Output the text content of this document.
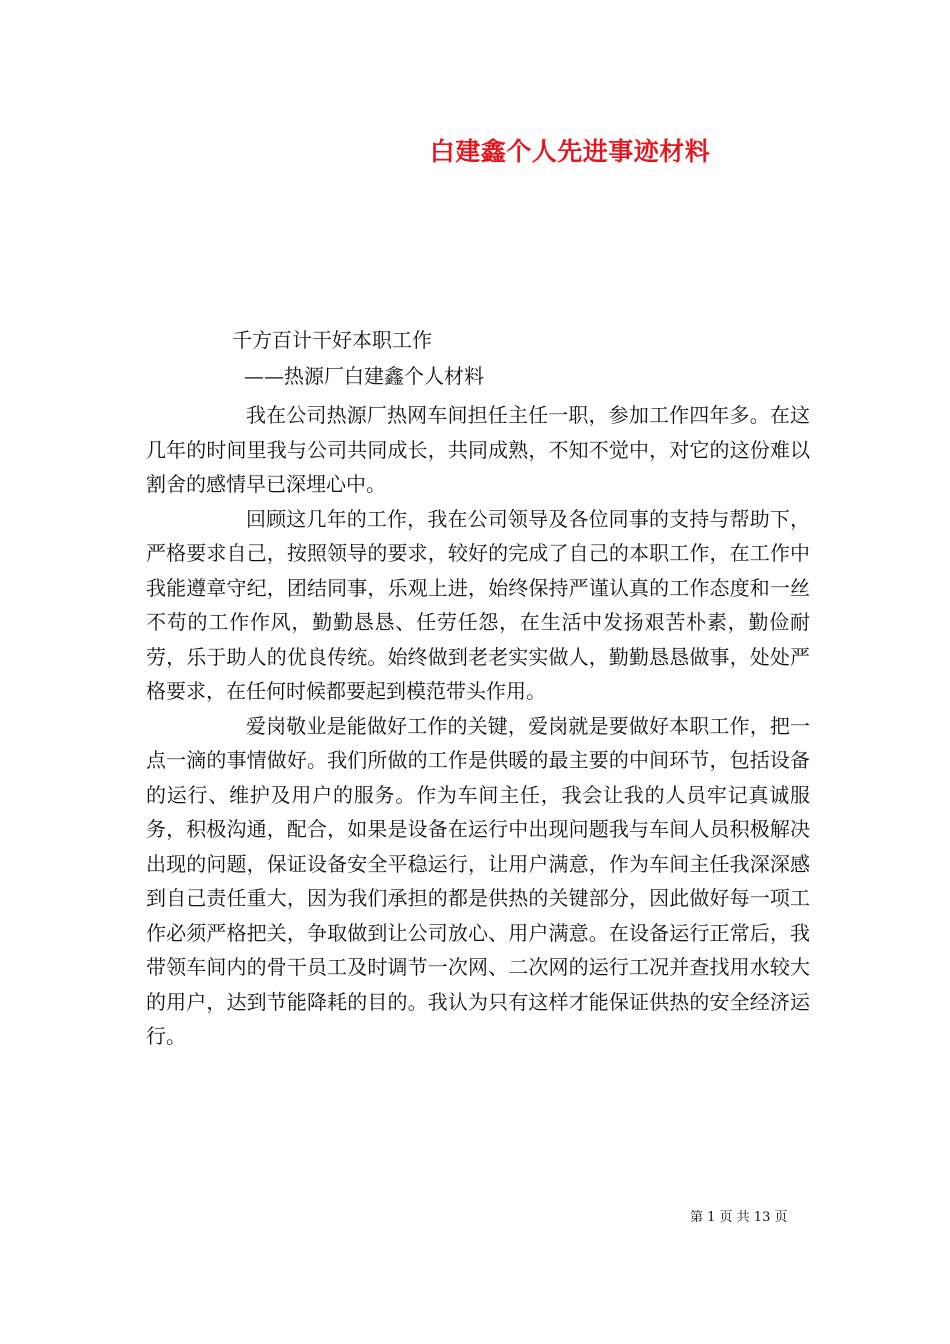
白建鑫个人先进事迹材料

千方百计干好本职工作

——热源厂白建鑫个人材料

我在公司热源厂热网车间担任主任一职，参加工作四年多。在这几年的时间里我与公司共同成长，共同成熟，不知不觉中，对它的这份难以割舍的感情早已深埋心中。

回顾这几年的工作，我在公司领导及各位同事的支持与帮助下，严格要求自己，按照领导的要求，较好的完成了自己的本职工作，在工作中我能遵章守纪，团结同事，乐观上进，始终保持严谨认真的工作态度和一丝不苟的工作作风，勤勤恳恳、任劳任怨，在生活中发扬艰苦朴素，勤俭耐劳，乐于助人的优良传统。始终做到老老实实做人，勤勤恳恳做事，处处严格要求，在任何时候都要起到模范带头作用。

爱岗敬业是能做好工作的关键，爱岗就是要做好本职工作，把一点一滴的事情做好。我们所做的工作是供暖的最主要的中间环节，包括设备的运行、维护及用户的服务。作为车间主任，我会让我的人员牢记真诚服务，积极沟通，配合，如果是设备在运行中出现问题我与车间人员积极解决出现的问题，保证设备安全平稳运行，让用户满意，作为车间主任我深深感到自己责任重大，因为我们承担的都是供热的关键部分，因此做好每一项工作必须严格把关，争取做到让公司放心、用户满意。在设备运行正常后，我带领车间内的骨干员工及时调节一次网、二次网的运行工况并查找用水较大的用户，达到节能降耗的目的。我认为只有这样才能保证供热的安全经济运行。

第 1 页 共 13 页
